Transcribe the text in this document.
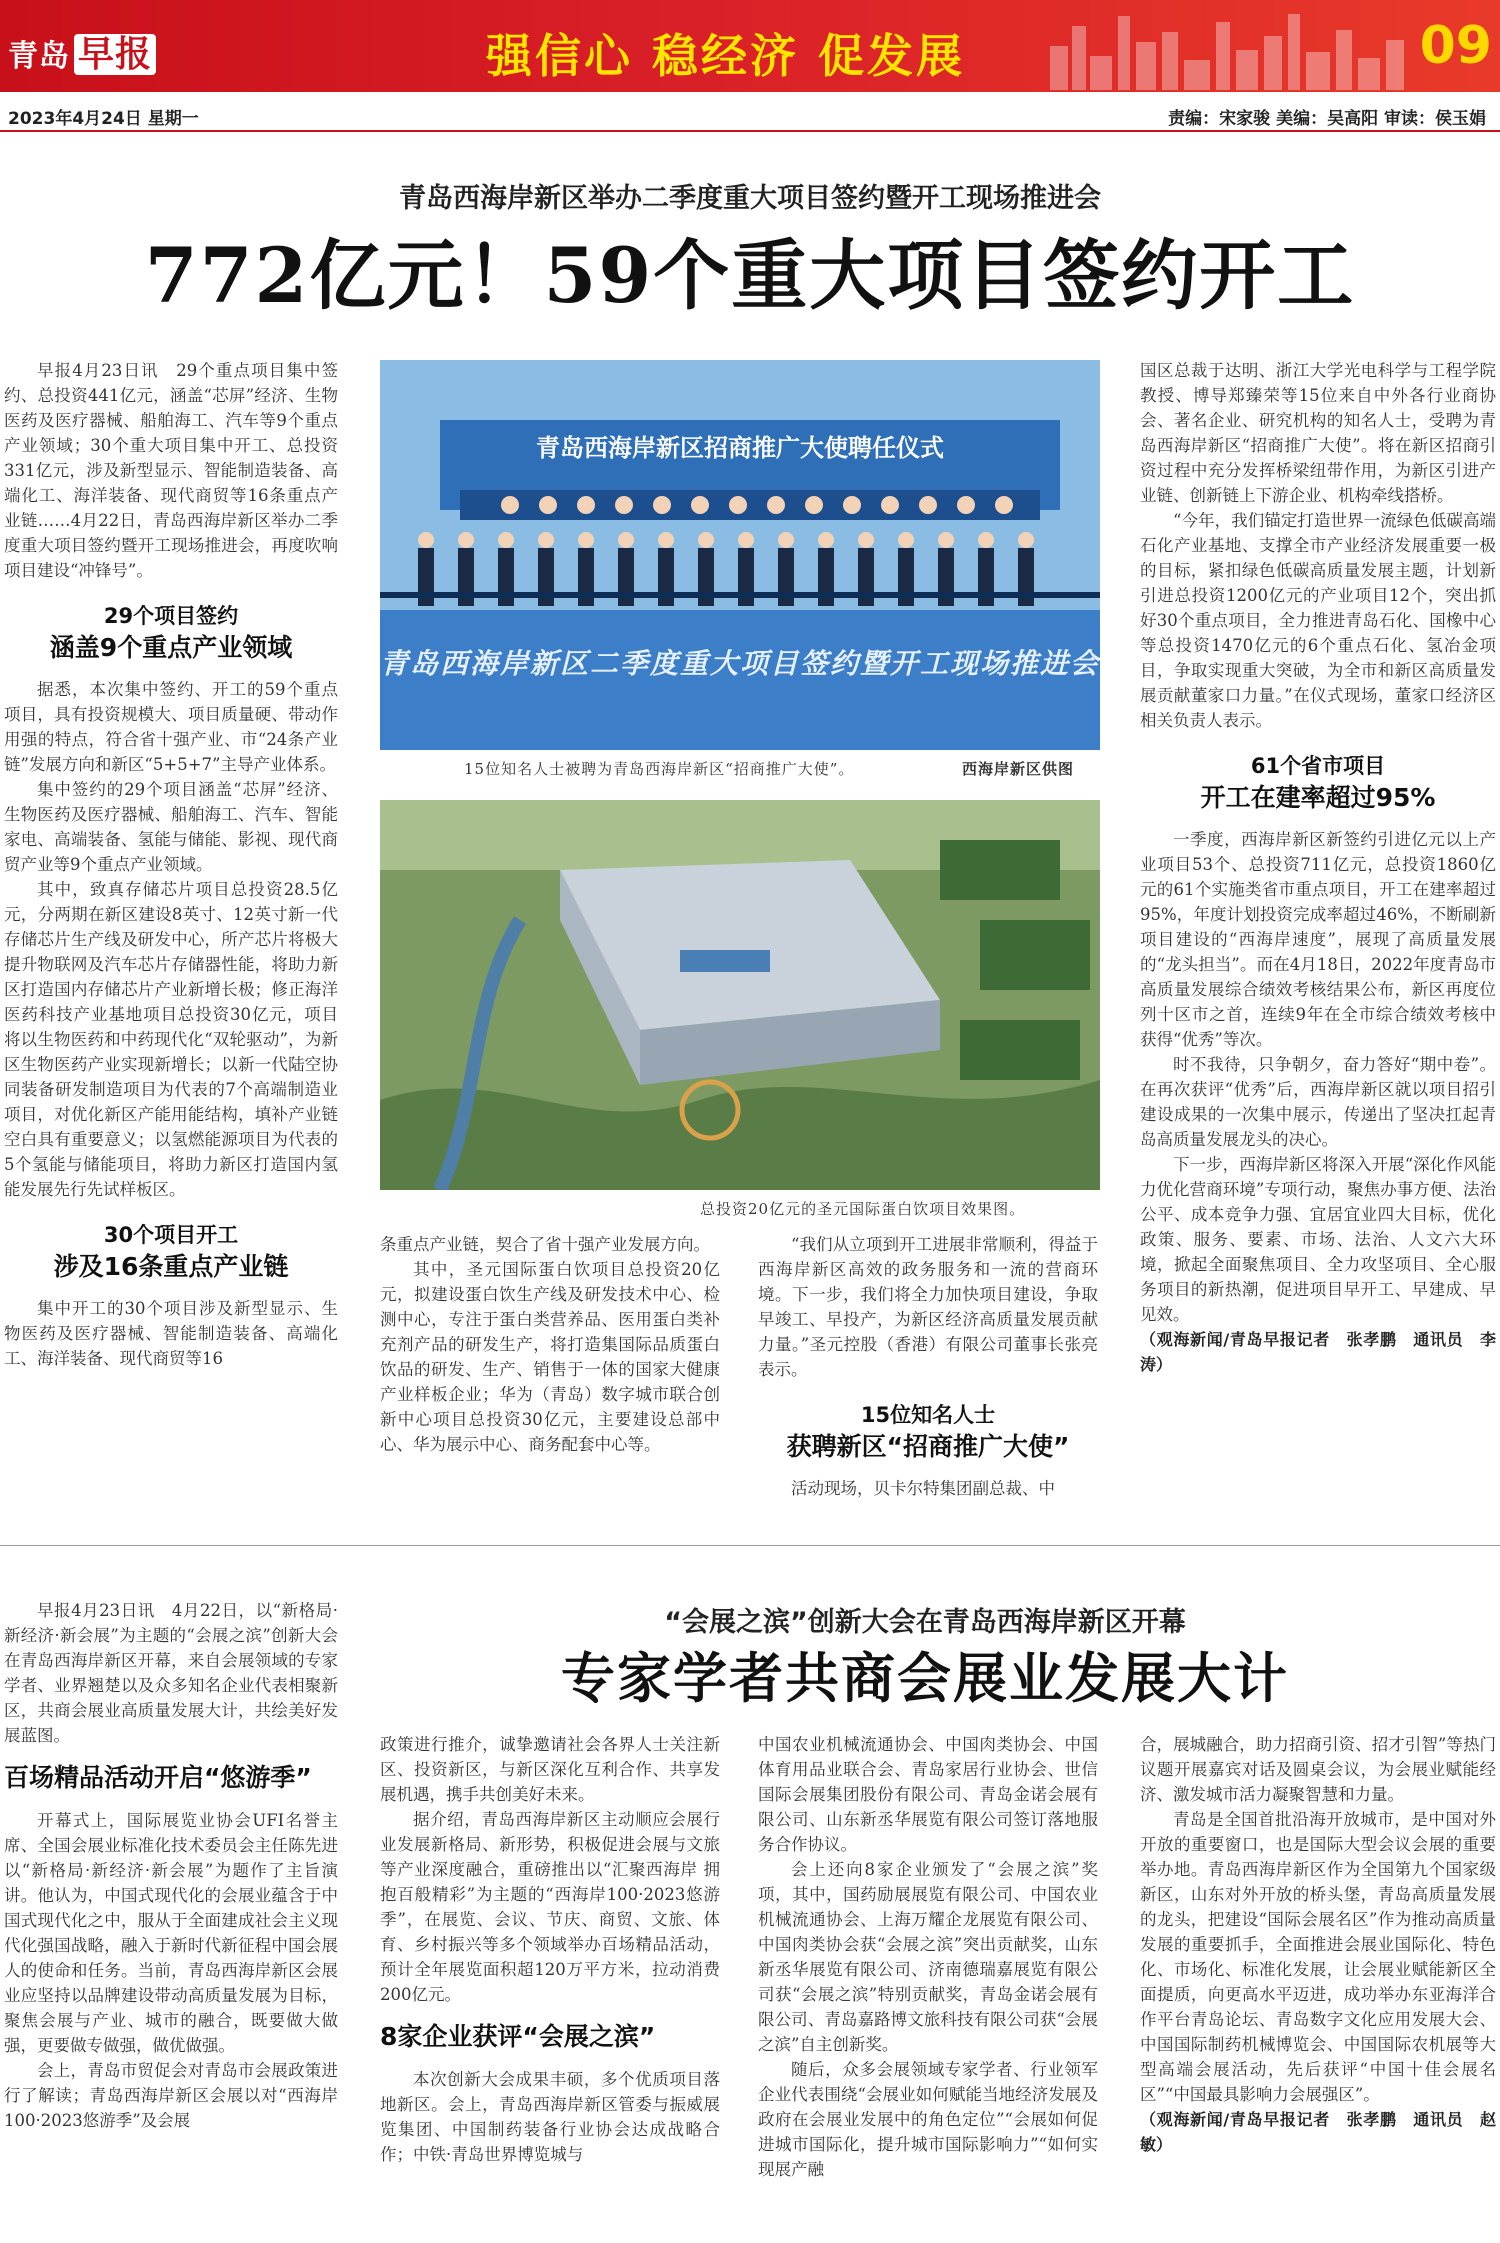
青岛 早报	强信心 稳经济 促发展	09
2023年4月24日 星期一	责编：宋家骏 美编：吴高阳 审读：侯玉娟
青岛西海岸新区举办二季度重大项目签约暨开工现场推进会
772亿元！59个重大项目签约开工

早报4月23日讯　29个重点项目集中签约、总投资441亿元，涵盖“芯屏”经济、生物医药及医疗器械、船舶海工、汽车等9个重点产业领域；30个重大项目集中开工、总投资331亿元，涉及新型显示、智能制造装备、高端化工、海洋装备、现代商贸等16条重点产业链……4月22日，青岛西海岸新区举办二季度重大项目签约暨开工现场推进会，再度吹响项目建设“冲锋号”。

29个项目签约
涵盖9个重点产业领域

据悉，本次集中签约、开工的59个重点项目，具有投资规模大、项目质量硬、带动作用强的特点，符合省十强产业、市“24条产业链”发展方向和新区“5+5+7”主导产业体系。

集中签约的29个项目涵盖“芯屏”经济、生物医药及医疗器械、船舶海工、汽车、智能家电、高端装备、氢能与储能、影视、现代商贸产业等9个重点产业领域。

其中，致真存储芯片项目总投资28.5亿元，分两期在新区建设8英寸、12英寸新一代存储芯片生产线及研发中心，所产芯片将极大提升物联网及汽车芯片存储器性能，将助力新区打造国内存储芯片产业新增长极；修正海洋医药科技产业基地项目总投资30亿元，项目将以生物医药和中药现代化“双轮驱动”，为新区生物医药产业实现新增长；以新一代陆空协同装备研发制造项目为代表的7个高端制造业项目，对优化新区产能用能结构，填补产业链空白具有重要意义；以氢燃能源项目为代表的5个氢能与储能项目，将助力新区打造国内氢能发展先行先试样板区。

30个项目开工
涉及16条重点产业链

集中开工的30个项目涉及新型显示、生物医药及医疗器械、智能制造装备、高端化工、海洋装备、现代商贸等16

青岛西海岸新区招商推广大使聘任仪式
青岛西海岸新区二季度重大项目签约暨开工现场推进会
15位知名人士被聘为青岛西海岸新区“招商推广大使”。	西海岸新区供图
总投资20亿元的圣元国际蛋白饮项目效果图。

条重点产业链，契合了省十强产业发展方向。

其中，圣元国际蛋白饮项目总投资20亿元，拟建设蛋白饮生产线及研发技术中心、检测中心，专注于蛋白类营养品、医用蛋白类补充剂产品的研发生产，将打造集国际品质蛋白饮品的研发、生产、销售于一体的国家大健康产业样板企业；华为（青岛）数字城市联合创新中心项目总投资30亿元，主要建设总部中心、华为展示中心、商务配套中心等。

“我们从立项到开工进展非常顺利，得益于西海岸新区高效的政务服务和一流的营商环境。下一步，我们将全力加快项目建设，争取早竣工、早投产，为新区经济高质量发展贡献力量。”圣元控股（香港）有限公司董事长张亮表示。

15位知名人士
获聘新区“招商推广大使”

活动现场，贝卡尔特集团副总裁、中

国区总裁于达明、浙江大学光电科学与工程学院教授、博导郑臻荣等15位来自中外各行业商协会、著名企业、研究机构的知名人士，受聘为青岛西海岸新区“招商推广大使”。将在新区招商引资过程中充分发挥桥梁纽带作用，为新区引进产业链、创新链上下游企业、机构牵线搭桥。

“今年，我们锚定打造世界一流绿色低碳高端石化产业基地、支撑全市产业经济发展重要一极的目标，紧扣绿色低碳高质量发展主题，计划新引进总投资1200亿元的产业项目12个，突出抓好30个重点项目，全力推进青岛石化、国橡中心等总投资1470亿元的6个重点石化、氢冶金项目，争取实现重大突破，为全市和新区高质量发展贡献董家口力量。”在仪式现场，董家口经济区相关负责人表示。

61个省市项目
开工在建率超过95%

一季度，西海岸新区新签约引进亿元以上产业项目53个、总投资711亿元，总投资1860亿元的61个实施类省市重点项目，开工在建率超过95%，年度计划投资完成率超过46%，不断刷新项目建设的“西海岸速度”，展现了高质量发展的“龙头担当”。而在4月18日，2022年度青岛市高质量发展综合绩效考核结果公布，新区再度位列十区市之首，连续9年在全市综合绩效考核中获得“优秀”等次。

时不我待，只争朝夕，奋力答好“期中卷”。在再次获评“优秀”后，西海岸新区就以项目招引建设成果的一次集中展示，传递出了坚决扛起青岛高质量发展龙头的决心。

下一步，西海岸新区将深入开展“深化作风能力优化营商环境”专项行动，聚焦办事方便、法治公平、成本竞争力强、宜居宜业四大目标，优化政策、服务、要素、市场、法治、人文六大环境，掀起全面聚焦项目、全力攻坚项目、全心服务项目的新热潮，促进项目早开工、早建成、早见效。

（观海新闻/青岛早报记者　张孝鹏　通讯员　李涛）

“会展之滨”创新大会在青岛西海岸新区开幕
专家学者共商会展业发展大计

早报4月23日讯　4月22日，以“新格局·新经济·新会展”为主题的“会展之滨”创新大会在青岛西海岸新区开幕，来自会展领域的专家学者、业界翘楚以及众多知名企业代表相聚新区，共商会展业高质量发展大计，共绘美好发展蓝图。

百场精品活动开启“悠游季”

开幕式上，国际展览业协会UFI名誉主席、全国会展业标准化技术委员会主任陈先进以“新格局·新经济·新会展”为题作了主旨演讲。他认为，中国式现代化的会展业蕴含于中国式现代化之中，服从于全面建成社会主义现代化强国战略，融入于新时代新征程中国会展人的使命和任务。当前，青岛西海岸新区会展业应坚持以品牌建设带动高质量发展为目标，聚焦会展与产业、城市的融合，既要做大做强，更要做专做强，做优做强。

会上，青岛市贸促会对青岛市会展政策进行了解读；青岛西海岸新区会展以对“西海岸100·2023悠游季”及会展

政策进行推介，诚挚邀请社会各界人士关注新区、投资新区，与新区深化互利合作、共享发展机遇，携手共创美好未来。

据介绍，青岛西海岸新区主动顺应会展行业发展新格局、新形势，积极促进会展与文旅等产业深度融合，重磅推出以“汇聚西海岸 拥抱百般精彩”为主题的“西海岸100·2023悠游季”，在展览、会议、节庆、商贸、文旅、体育、乡村振兴等多个领域举办百场精品活动，预计全年展览面积超120万平方米，拉动消费200亿元。

8家企业获评“会展之滨”

本次创新大会成果丰硕，多个优质项目落地新区。会上，青岛西海岸新区管委与振威展览集团、中国制药装备行业协会达成战略合作；中铁·青岛世界博览城与

中国农业机械流通协会、中国肉类协会、中国体育用品业联合会、青岛家居行业协会、世信国际会展集团股份有限公司、青岛金诺会展有限公司、山东新丞华展览有限公司签订落地服务合作协议。

会上还向8家企业颁发了“会展之滨”奖项，其中，国药励展展览有限公司、中国农业机械流通协会、上海万耀企龙展览有限公司、中国肉类协会获“会展之滨”突出贡献奖，山东新丞华展览有限公司、济南德瑞嘉展览有限公司获“会展之滨”特别贡献奖，青岛金诺会展有限公司、青岛嘉路博文旅科技有限公司获“会展之滨”自主创新奖。

随后，众多会展领域专家学者、行业领军企业代表围绕“会展业如何赋能当地经济发展及政府在会展业发展中的角色定位”“会展如何促进城市国际化，提升城市国际影响力”“如何实现展产融

合，展城融合，助力招商引资、招才引智”等热门议题开展嘉宾对话及圆桌会议，为会展业赋能经济、激发城市活力凝聚智慧和力量。

青岛是全国首批沿海开放城市，是中国对外开放的重要窗口，也是国际大型会议会展的重要举办地。青岛西海岸新区作为全国第九个国家级新区，山东对外开放的桥头堡，青岛高质量发展的龙头，把建设“国际会展名区”作为推动高质量发展的重要抓手，全面推进会展业国际化、特色化、市场化、标准化发展，让会展业赋能新区全面提质，向更高水平迈进，成功举办东亚海洋合作平台青岛论坛、青岛数字文化应用发展大会、中国国际制药机械博览会、中国国际农机展等大型高端会展活动，先后获评“中国十佳会展名区”“中国最具影响力会展强区”。

（观海新闻/青岛早报记者　张孝鹏　通讯员　赵敏）
